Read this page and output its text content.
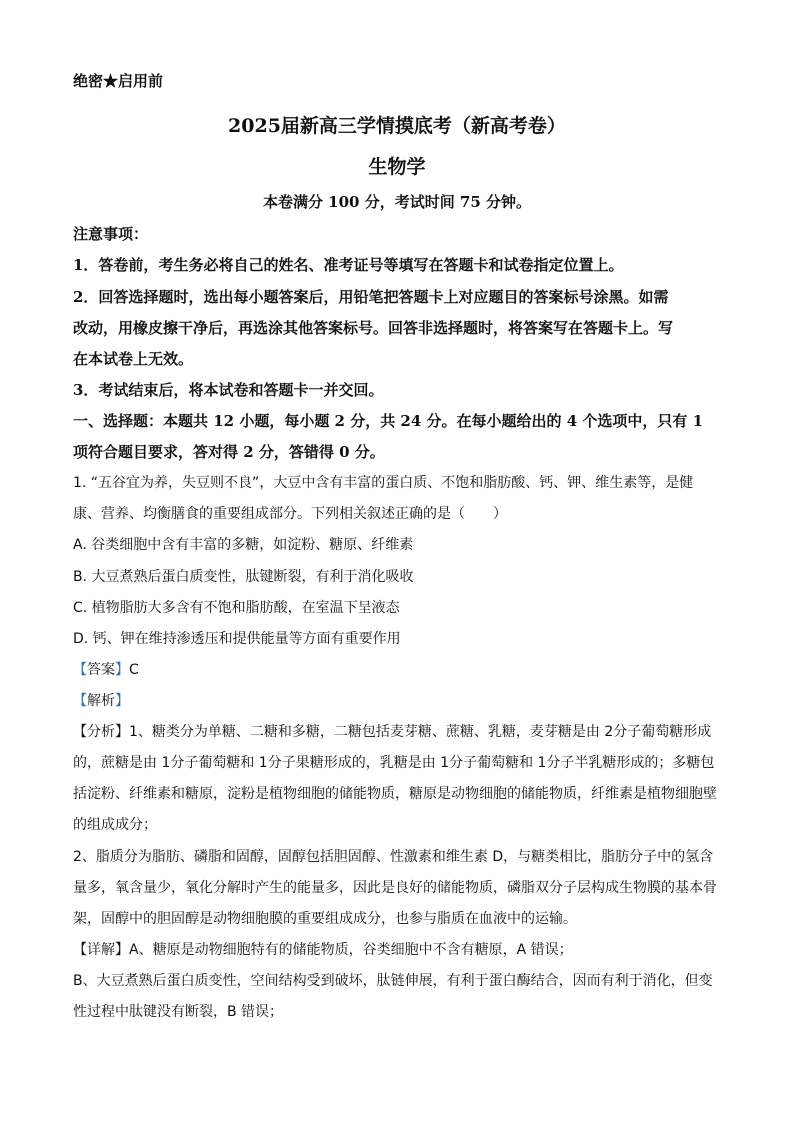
绝密★启用前
2025届新高三学情摸底考（新高考卷）
生物学
本卷满分 100 分，考试时间 75 分钟。
注意事项：
1．答卷前，考生务必将自己的姓名、准考证号等填写在答题卡和试卷指定位置上。
2．回答选择题时，选出每小题答案后，用铅笔把答题卡上对应题目的答案标号涂黑。如需
改动，用橡皮擦干净后，再选涂其他答案标号。回答非选择题时，将答案写在答题卡上。写
在本试卷上无效。
3．考试结束后，将本试卷和答题卡一并交回。
一、选择题：本题共 12 小题，每小题 2 分，共 24 分。在每小题给出的 4 个选项中，只有 1
项符合题目要求，答对得 2 分，答错得 0 分。
1. “五谷宜为养，失豆则不良”，大豆中含有丰富的蛋白质、不饱和脂肪酸、钙、钾、维生素等，是健
康、营养、均衡膳食的重要组成部分。下列相关叙述正确的是（　　）
A. 谷类细胞中含有丰富的多糖，如淀粉、糖原、纤维素
B. 大豆煮熟后蛋白质变性，肽键断裂，有利于消化吸收
C. 植物脂肪大多含有不饱和脂肪酸，在室温下呈液态
D. 钙、钾在维持渗透压和提供能量等方面有重要作用
【答案】C
【解析】
【分析】1、糖类分为单糖、二糖和多糖，二糖包括麦芽糖、蔗糖、乳糖，麦芽糖是由 2分子葡萄糖形成
的，蔗糖是由 1分子葡萄糖和 1分子果糖形成的，乳糖是由 1分子葡萄糖和 1分子半乳糖形成的；多糖包
括淀粉、纤维素和糖原，淀粉是植物细胞的储能物质，糖原是动物细胞的储能物质，纤维素是植物细胞壁
的组成成分；
2、脂质分为脂肪、磷脂和固醇，固醇包括胆固醇、性激素和维生素 D，与糖类相比，脂肪分子中的氢含
量多，氧含量少，氧化分解时产生的能量多，因此是良好的储能物质，磷脂双分子层构成生物膜的基本骨
架，固醇中的胆固醇是动物细胞膜的重要组成成分，也参与脂质在血液中的运输。
【详解】A、糖原是动物细胞特有的储能物质，谷类细胞中不含有糖原，A 错误；
B、大豆煮熟后蛋白质变性，空间结构受到破坏，肽链伸展，有利于蛋白酶结合，因而有利于消化，但变
性过程中肽键没有断裂，B 错误；
